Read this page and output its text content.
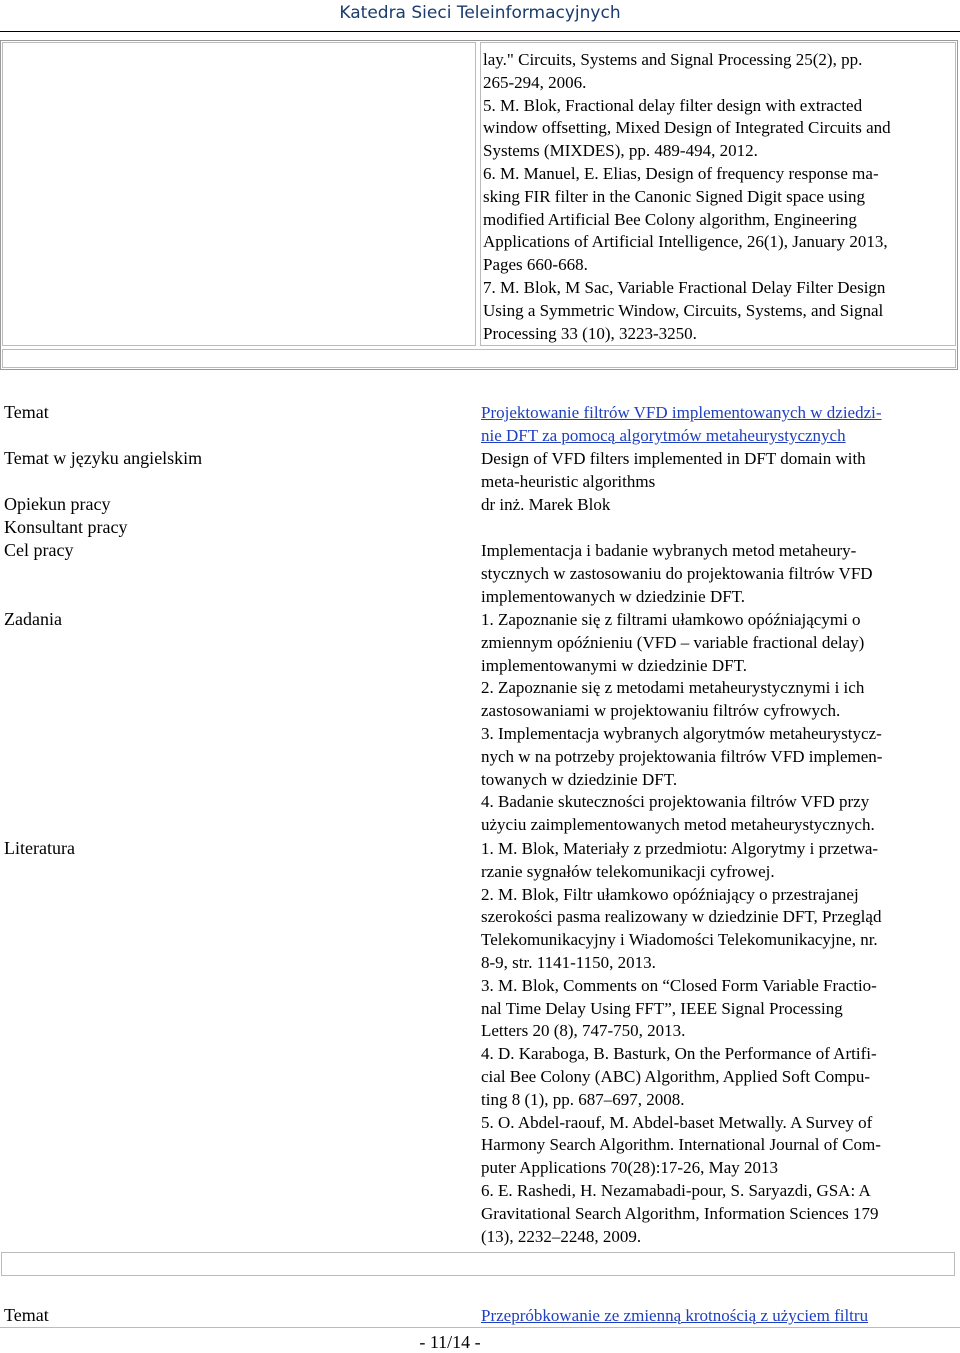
Katedra Sieci Teleinformacyjnych
lay." Circuits, Systems and Signal Processing 25(2), pp.
265-294, 2006.
5. M. Blok, Fractional delay filter design with extracted
window offsetting, Mixed Design of Integrated Circuits and
Systems (MIXDES), pp. 489-494, 2012.
6. M. Manuel, E. Elias, Design of frequency response ma-
sking FIR filter in the Canonic Signed Digit space using
modified Artificial Bee Colony algorithm, Engineering
Applications of Artificial Intelligence, 26(1), January 2013,
Pages 660-668.
7. M. Blok, M Sac, Variable Fractional Delay Filter Design
Using a Symmetric Window, Circuits, Systems, and Signal
Processing 33 (10), 3223-3250.
Temat	Projektowanie filtrów VFD implementowanych w dziedzi-
nie DFT za pomocą algorytmów metaheurystycznych
Temat w języku angielskim	Design of VFD filters implemented in DFT domain with
meta-heuristic algorithms
Opiekun pracy	dr inż. Marek Blok
Konsultant pracy
Cel pracy	Implementacja i badanie wybranych metod metaheury-
stycznych w zastosowaniu do projektowania filtrów VFD
implementowanych w dziedzinie DFT.
Zadania	1. Zapoznanie się z filtrami ułamkowo opóźniającymi o
zmiennym opóźnieniu (VFD – variable fractional delay)
implementowanymi w dziedzinie DFT.
2. Zapoznanie się z metodami metaheurystycznymi i ich
zastosowaniami w projektowaniu filtrów cyfrowych.
3. Implementacja wybranych algorytmów metaheurystycz-
nych w na potrzeby projektowania filtrów VFD implemen-
towanych w dziedzinie DFT.
4. Badanie skuteczności projektowania filtrów VFD przy
użyciu zaimplementowanych metod metaheurystycznych.
Literatura	1. M. Blok, Materiały z przedmiotu: Algorytmy i przetwa-
rzanie sygnałów telekomunikacji cyfrowej.
2. M. Blok, Filtr ułamkowo opóźniający o przestrajanej
szerokości pasma realizowany w dziedzinie DFT, Przegląd
Telekomunikacyjny i Wiadomości Telekomunikacyjne, nr.
8-9, str. 1141-1150, 2013.
3. M. Blok, Comments on “Closed Form Variable Fractio-
nal Time Delay Using FFT”, IEEE Signal Processing
Letters 20 (8), 747-750, 2013.
4. D. Karaboga, B. Basturk, On the Performance of Artifi-
cial Bee Colony (ABC) Algorithm, Applied Soft Compu-
ting 8 (1), pp. 687–697, 2008.
5. O. Abdel-raouf, M. Abdel-baset Metwally. A Survey of
Harmony Search Algorithm. International Journal of Com-
puter Applications 70(28):17-26, May 2013
6. E. Rashedi, H. Nezamabadi-pour, S. Saryazdi, GSA: A
Gravitational Search Algorithm, Information Sciences 179
(13), 2232–2248, 2009.
Temat	Przepróbkowanie ze zmienną krotnością z użyciem filtru
- 11/14 -
